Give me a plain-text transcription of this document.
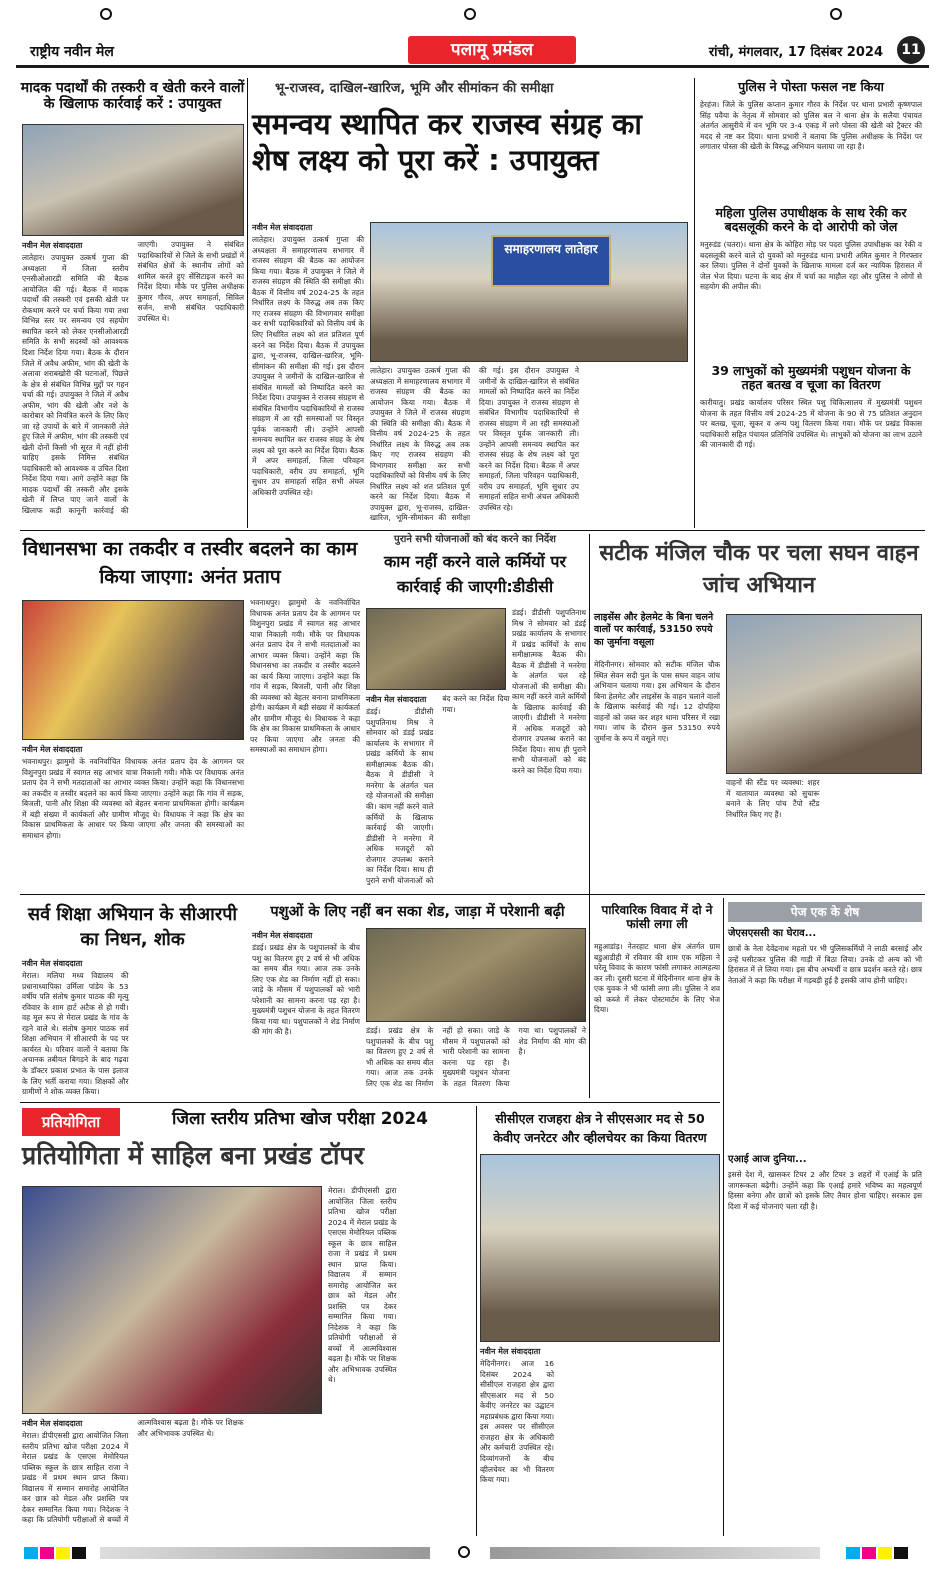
राष्ट्रीय नवीन मेल	पलामू प्रमंडल	रांची, मंगलवार, 17 दिसंबर 2024	11
मादक पदार्थों की तस्करी व खेती करने वालों के खिलाफ कार्रवाई करें : उपायुक्त
नवीन मेल संवाददाता
लातेहार। उपायुक्त उत्कर्ष गुप्ता की अध्यक्षता में जिला स्तरीय एनसीओआरडी समिति की बैठक आयोजित की गई। बैठक में मादक पदार्थों की तस्करी एवं इसकी खेती पर रोकथाम करने पर चर्चा किया गया तथा विभिन्न स्तर पर समन्वय एवं सहयोग स्थापित करने को लेकर एनसीओआरडी समिति के सभी सदस्यों को आवश्यक दिशा निर्देश दिया गया। बैठक के दौरान जिले में अवैध अफीम, भांग की खेती के अलावा शराबखोरी की घटनाओं, पिछले के क्षेत्र से संबंधित विभिन्न मुद्दों पर गहन चर्चा की गई। उपायुक्त ने जिले में अवैध अफीम, भांग की खेती और नशे के कारोबार को नियंत्रित करने के लिए किए जा रहे उपायों के बारे में जानकारी लेते हुए जिले में अफीम, भांग की तस्करी एवं खेती दोनों किसी भी सूरत में नहीं होनी चाहिए इसके निमित्त संबंधित पदाधिकारी को आवश्यक व उचित दिशा निर्देश दिया गया। आगे उन्होंने कहा कि मादक पदार्थों की तस्करी और इसके खेती में लिप्त पाए जाने वालों के खिलाफ कड़ी कानूनी कार्रवाई की जाएगी। उपायुक्त ने संबंधित पदाधिकारियों से जिले के सभी प्रखंडों में संबंधित क्षेत्रों के स्थानीय लोगों को शामिल करते हुए सेंसिटाइज करने का निर्देश दिया। मौके पर पुलिस अधीक्षक कुमार गौरव, अपर समाहर्ता, सिविल सर्जन, सभी संबंधित पदाधिकारी उपस्थित थे।
भू-राजस्व, दाखिल-खारिज, भूमि और सीमांकन की समीक्षा
समन्वय स्थापित कर राजस्व संग्रह का शेष लक्ष्य को पूरा करें : उपायुक्त
समाहरणालय लातेहार
नवीन मेल संवाददाता
लातेहार। उपायुक्त उत्कर्ष गुप्ता की अध्यक्षता में समाहरणालय सभागार में राजस्व संग्रहण की बैठक का आयोजन किया गया। बैठक में उपायुक्त ने जिले में राजस्व संग्रहण की स्थिति की समीक्षा की। बैठक में वित्तीय वर्ष 2024-25 के तहत निर्धारित लक्ष्य के विरुद्ध अब तक किए गए राजस्व संग्रहण की विभागवार समीक्षा कर सभी पदाधिकारियों को वित्तीय वर्ष के लिए निर्धारित लक्ष्य को शत प्रतिशत पूर्ण करने का निर्देश दिया। बैठक में उपायुक्त द्वारा, भू-राजस्व, दाखिल-खारिज, भूमि-सीमांकन की समीक्षा की गई। इस दौरान उपायुक्त ने जमीनों के दाखिल-खारिज से संबंधित मामलों को निष्पादित करने का निर्देश दिया। उपायुक्त ने राजस्व संग्रहण से संबंधित विभागीय पदाधिकारियों से राजस्व संग्रहण में आ रही समस्याओं पर विस्तृत पूर्वक जानकारी ली। उन्होंने आपसी समन्वय स्थापित कर राजस्व संग्रह के शेष लक्ष्य को पूरा करने का निर्देश दिया। बैठक में अपर समाहर्ता, जिला परिवहन पदाधिकारी, वरीय उप समाहर्ता, भूमि सुधार उप समाहर्ता सहित सभी अंचल अधिकारी उपस्थित रहे।
लातेहार। उपायुक्त उत्कर्ष गुप्ता की अध्यक्षता में समाहरणालय सभागार में राजस्व संग्रहण की बैठक का आयोजन किया गया। बैठक में उपायुक्त ने जिले में राजस्व संग्रहण की स्थिति की समीक्षा की। बैठक में वित्तीय वर्ष 2024-25 के तहत निर्धारित लक्ष्य के विरुद्ध अब तक किए गए राजस्व संग्रहण की विभागवार समीक्षा कर सभी पदाधिकारियों को वित्तीय वर्ष के लिए निर्धारित लक्ष्य को शत प्रतिशत पूर्ण करने का निर्देश दिया। बैठक में उपायुक्त द्वारा, भू-राजस्व, दाखिल-खारिज, भूमि-सीमांकन की समीक्षा की गई। इस दौरान उपायुक्त ने जमीनों के दाखिल-खारिज से संबंधित मामलों को निष्पादित करने का निर्देश दिया। उपायुक्त ने राजस्व संग्रहण से संबंधित विभागीय पदाधिकारियों से राजस्व संग्रहण में आ रही समस्याओं पर विस्तृत पूर्वक जानकारी ली। उन्होंने आपसी समन्वय स्थापित कर राजस्व संग्रह के शेष लक्ष्य को पूरा करने का निर्देश दिया। बैठक में अपर समाहर्ता, जिला परिवहन पदाधिकारी, वरीय उप समाहर्ता, भूमि सुधार उप समाहर्ता सहित सभी अंचल अधिकारी उपस्थित रहे।
पुलिस ने पोस्ता फसल नष्ट किया
हेरहंज। जिले के पुलिस कप्तान कुमार गौरव के निर्देश पर थाना प्रभारी कृष्णपाल सिंह पवैया के नेतृत्व में सोमवार को पुलिस बल ने थाना क्षेत्र के सलैया पंचायत अंतर्गत आसुरीये में वन भूमि पर 3-4 एकड़ में लगे पोस्ता की खेती को ट्रैक्टर की मदद से नष्ट कर दिया। थाना प्रभारी ने बताया कि पुलिस अधीक्षक के निर्देश पर लगातार पोस्ता की खेती के विरुद्ध अभियान चलाया जा रहा है।
महिला पुलिस उपाधीक्षक के साथ रेकी कर बदसलूकी करने के दो आरोपी को जेल
मनुरुडंड (चतरा)। थाना क्षेत्र के कोहिरा मोड़ पर पदरा पुलिस उपाधीक्षक का रेकी व बदसलूकी करने वाले दो युवकों को मनुरुडंड थाना प्रभारी अमित कुमार ने गिरफ्तार कर लिया। पुलिस ने दोनों युवकों के खिलाफ मामला दर्ज कर न्यायिक हिरासत में जेल भेज दिया। घटना के बाद क्षेत्र में चर्चा का माहौल रहा और पुलिस ने लोगों से सहयोग की अपील की।
39 लाभुकों को मुख्यमंत्री पशुधन योजना के तहत बतख व चूजा का वितरण
कारीयातु। प्रखंड कार्यालय परिसर स्थित पशु चिकित्सालय में मुख्यमंत्री पशुधन योजना के तहत वित्तीय वर्ष 2024-25 में योजना के 90 से 75 प्रतिशत अनुदान पर बतख, चूजा, सूकर व अन्य पशु वितरण किया गया। मौके पर प्रखंड विकास पदाधिकारी सहित पंचायत प्रतिनिधि उपस्थित थे। लाभुकों को योजना का लाभ उठाने की जानकारी दी गई।
विधानसभा का तकदीर व तस्वीर बदलने का काम किया जाएगा: अनंत प्रताप
नवीन मेल संवाददाता
भवनाथपुर। झामुमो के नवनिर्वाचित विधायक अनंत प्रताप देव के आगमन पर विशुनपुरा प्रखंड में स्वागत सह आभार यात्रा निकाली गयी। मौके पर विधायक अनंत प्रताप देव ने सभी मतदाताओं का आभार व्यक्त किया। उन्होंने कहा कि विधानसभा का तकदीर व तस्वीर बदलने का कार्य किया जाएगा। उन्होंने कहा कि गांव में सड़क, बिजली, पानी और शिक्षा की व्यवस्था को बेहतर बनाना प्राथमिकता होगी। कार्यक्रम में बड़ी संख्या में कार्यकर्ता और ग्रामीण मौजूद थे। विधायक ने कहा कि क्षेत्र का विकास प्राथमिकता के आधार पर किया जाएगा और जनता की समस्याओं का समाधान होगा।
भवनाथपुर। झामुमो के नवनिर्वाचित विधायक अनंत प्रताप देव के आगमन पर विशुनपुरा प्रखंड में स्वागत सह आभार यात्रा निकाली गयी। मौके पर विधायक अनंत प्रताप देव ने सभी मतदाताओं का आभार व्यक्त किया। उन्होंने कहा कि विधानसभा का तकदीर व तस्वीर बदलने का कार्य किया जाएगा। उन्होंने कहा कि गांव में सड़क, बिजली, पानी और शिक्षा की व्यवस्था को बेहतर बनाना प्राथमिकता होगी। कार्यक्रम में बड़ी संख्या में कार्यकर्ता और ग्रामीण मौजूद थे। विधायक ने कहा कि क्षेत्र का विकास प्राथमिकता के आधार पर किया जाएगा और जनता की समस्याओं का समाधान होगा।
पुराने सभी योजनाओं को बंद करने का निर्देश
काम नहीं करने वाले कर्मियों पर कार्रवाई की जाएगी:डीडीसी
डंडई। डीडीसी पशुपतिनाथ मिश्र ने सोमवार को डंडई प्रखंड कार्यालय के सभागार में प्रखंड कर्मियों के साथ समीक्षात्मक बैठक की। बैठक में डीडीसी ने मनरेगा के अंतर्गत चल रहे योजनाओं की समीक्षा की। काम नहीं करने वाले कर्मियों के खिलाफ कार्रवाई की जाएगी। डीडीसी ने मनरेगा में अधिक मजदूरों को रोजगार उपलब्ध कराने का निर्देश दिया। साथ ही पुराने सभी योजनाओं को बंद करने का निर्देश दिया गया।
नवीन मेल संवाददाता
डंडई। डीडीसी पशुपतिनाथ मिश्र ने सोमवार को डंडई प्रखंड कार्यालय के सभागार में प्रखंड कर्मियों के साथ समीक्षात्मक बैठक की। बैठक में डीडीसी ने मनरेगा के अंतर्गत चल रहे योजनाओं की समीक्षा की। काम नहीं करने वाले कर्मियों के खिलाफ कार्रवाई की जाएगी। डीडीसी ने मनरेगा में अधिक मजदूरों को रोजगार उपलब्ध कराने का निर्देश दिया। साथ ही पुराने सभी योजनाओं को बंद करने का निर्देश दिया गया।
सटीक मंजिल चौक पर चला सघन वाहन जांच अभियान
लाइसेंस और हेलमेट के बिना चलने वालों पर कार्रवाई, 53150 रुपये का जुर्माना वसूला
मेदिनीनगर। सोमवार को सटीक मंजिल चौक स्थित सेवन सदी पुल के पास सघन वाहन जांच अभियान चलाया गया। इस अभियान के दौरान बिना हेलमेट और लाइसेंस के वाहन चलाने वालों के खिलाफ कार्रवाई की गई। 12 दोपहिया वाहनों को जब्त कर शहर थाना परिसर में रखा गया। जांच के दौरान कुल 53150 रुपये जुर्माना के रूप में वसूले गए।
वाहनों की स्टैंड पर व्यवस्था: शहर में यातायात व्यवस्था को सुचारू बनाने के लिए पांच टैंपो स्टैंड निर्धारित किए गए हैं।
सर्व शिक्षा अभियान के सीआरपी का निधन, शोक
नवीन मेल संवाददाता
मेराल। मलिया मध्य विद्यालय की प्रधानाध्यापिका उर्मिला पांडेय के 53 वर्षीय पति संतोष कुमार पाठक की मृत्यु रविवार के शाम हार्ट अटैक से हो गयी। वह मूल रूप से मेराल प्रखंड के गांव के रहने वाले थे। संतोष कुमार पाठक सर्व शिक्षा अभियान में सीआरपी के पद पर कार्यरत थे। परिवार वालों ने बताया कि अचानक तबीयत बिगड़ने के बाद गढ़वा के डॉक्टर प्रकाश प्रभात के पास इलाज के लिए भर्ती कराया गया। शिक्षकों और ग्रामीणों ने शोक व्यक्त किया।
पशुओं के लिए नहीं बन सका शेड, जाड़ा में परेशानी बढ़ी
नवीन मेल संवाददाता
डंडई। प्रखंड क्षेत्र के पशुपालकों के बीच पशु का वितरण हुए 2 वर्ष से भी अधिक का समय बीत गया। आज तक उनके लिए एक शेड का निर्माण नहीं हो सका। जाड़े के मौसम में पशुपालकों को भारी परेशानी का सामना करना पड़ रहा है। मुख्यमंत्री पशुधन योजना के तहत वितरण किया गया था। पशुपालकों ने शेड निर्माण की मांग की है।	डंडई। प्रखंड क्षेत्र के पशुपालकों के बीच पशु का वितरण हुए 2 वर्ष से भी अधिक का समय बीत गया। आज तक उनके लिए एक शेड का निर्माण नहीं हो सका। जाड़े के मौसम में पशुपालकों को भारी परेशानी का सामना करना पड़ रहा है। मुख्यमंत्री पशुधन योजना के तहत वितरण किया गया था। पशुपालकों ने शेड निर्माण की मांग की है।
पारिवारिक विवाद में दो ने फांसी लगा ली
महुआडांड़। नेतरहाट थाना क्षेत्र अंतर्गत ग्राम बडुआडीही में रविवार की शाम एक महिला ने घरेलू विवाद के कारण फांसी लगाकर आत्महत्या कर ली। दूसरी घटना में मेदिनीनगर थाना क्षेत्र के एक युवक ने भी फांसी लगा ली। पुलिस ने शव को कब्जे में लेकर पोस्टमार्टम के लिए भेज दिया।
पेज एक के शेष
जेएसएससी का घेराव...
छात्रों के नेता देवेंद्रनाथ महतो पर भी पुलिसकर्मियों ने लाठी बरसाई और उन्हें घसीटकर पुलिस की गाड़ी में बिठा लिया। उनके दो अन्य को भी हिरासत में ले लिया गया। इस बीच अभ्यर्थी व छात्र प्रदर्शन करते रहे। छात्र नेताओं ने कहा कि परीक्षा में गड़बड़ी हुई है इसकी जांच होनी चाहिए।
प्रतियोगिता	जिला स्तरीय प्रतिभा खोज परीक्षा 2024
प्रतियोगिता में साहिल बना प्रखंड टॉपर
मेराल। डीपीएससी द्वारा आयोजित जिला स्तरीय प्रतिभा खोज परीक्षा 2024 में मेराल प्रखंड के एसएस मेमोरियल पब्लिक स्कूल के छात्र साहिल राजा ने प्रखंड में प्रथम स्थान प्राप्त किया। विद्यालय में सम्मान समारोह आयोजित कर छात्र को मेडल और प्रशस्ति पत्र देकर सम्मानित किया गया। निदेशक ने कहा कि प्रतियोगी परीक्षाओं से बच्चों में आत्मविश्वास बढ़ता है। मौके पर शिक्षक और अभिभावक उपस्थित थे।
नवीन मेल संवाददाता
मेराल। डीपीएससी द्वारा आयोजित जिला स्तरीय प्रतिभा खोज परीक्षा 2024 में मेराल प्रखंड के एसएस मेमोरियल पब्लिक स्कूल के छात्र साहिल राजा ने प्रखंड में प्रथम स्थान प्राप्त किया। विद्यालय में सम्मान समारोह आयोजित कर छात्र को मेडल और प्रशस्ति पत्र देकर सम्मानित किया गया। निदेशक ने कहा कि प्रतियोगी परीक्षाओं से बच्चों में आत्मविश्वास बढ़ता है। मौके पर शिक्षक और अभिभावक उपस्थित थे।
सीसीएल राजहरा क्षेत्र ने सीएसआर मद से 50 केवीए जनरेटर और व्हीलचेयर का किया वितरण
नवीन मेल संवाददाता
मेदिनीनगर। आज 16 दिसंबर 2024 को सीसीएल राजहरा क्षेत्र द्वारा सीएसआर मद से 50 केवीए जनरेटर का उद्घाटन महाप्रबंधक द्वारा किया गया। इस अवसर पर सीसीएल राजहरा क्षेत्र के अधिकारी और कर्मचारी उपस्थित रहे। दिव्यांगजनों के बीच व्हीलचेयर का भी वितरण किया गया।
एआई आज दुनिया...
इससे देश में, खासकर टियर 2 और टियर 3 शहरों में एआई के प्रति जागरूकता बढ़ेगी। उन्होंने कहा कि एआई हमारे भविष्य का महत्वपूर्ण हिस्सा बनेगा और छात्रों को इसके लिए तैयार होना चाहिए। सरकार इस दिशा में कई योजनाएं चला रही है।
